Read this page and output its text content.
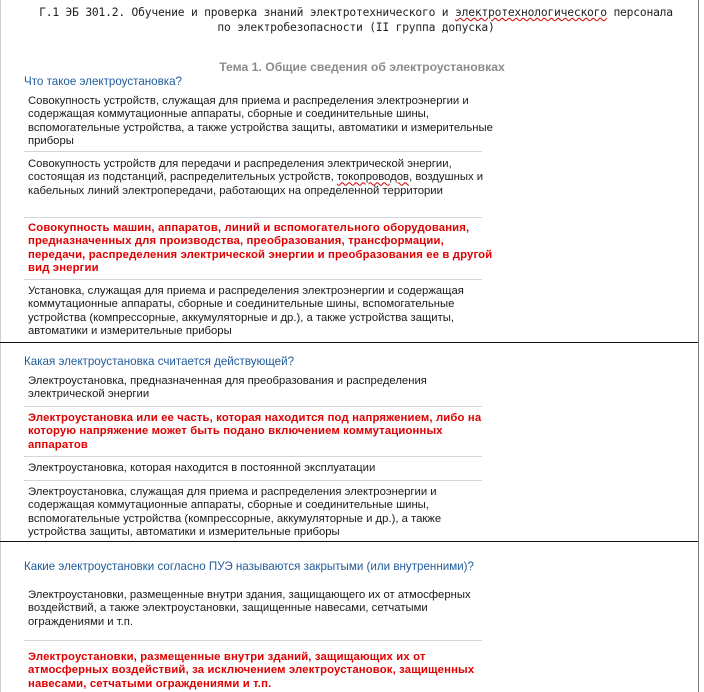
Г.1 ЭБ 301.2. Обучение и проверка знаний электротехнического и электротехнологического персонала
по электробезопасности (II группа допуска)
Тема 1. Общие сведения об электроустановках
Что такое электроустановка?
Совокупность устройств, служащая для приема и распределения электроэнергии и содержащая коммутационные аппараты, сборные и соединительные шины, вспомогательные устройства, а также устройства защиты, автоматики и измерительные приборы
Совокупность устройств для передачи и распределения электрической энергии, состоящая из подстанций, распределительных устройств, токопроводов, воздушных и кабельных линий электропередачи, работающих на определенной территории
Совокупность машин, аппаратов, линий и вспомогательного оборудования, предназначенных для производства, преобразования, трансформации, передачи, распределения электрической энергии и преобразования ее в другой вид энергии
Установка, служащая для приема и распределения электроэнергии и содержащая коммутационные аппараты, сборные и соединительные шины, вспомогательные устройства (компрессорные, аккумуляторные и др.), а также устройства защиты, автоматики и измерительные приборы
Какая электроустановка считается действующей?
Электроустановка, предназначенная для преобразования и распределения электрической энергии
Электроустановка или ее часть, которая находится под напряжением, либо на которую напряжение может быть подано включением коммутационных аппаратов
Электроустановка, которая находится в постоянной эксплуатации
Электроустановка, служащая для приема и распределения электроэнергии и содержащая коммутационные аппараты, сборные и соединительные шины, вспомогательные устройства (компрессорные, аккумуляторные и др.), а также устройства защиты, автоматики и измерительные приборы
Какие электроустановки согласно ПУЭ называются закрытыми (или внутренними)?
Электроустановки, размещенные внутри здания, защищающего их от атмосферных воздействий, а также электроустановки, защищенные навесами, сетчатыми ограждениями и т.п.
Электроустановки, размещенные внутри зданий, защищающих их от атмосферных воздействий, за исключением электроустановок, защищенных навесами, сетчатыми ограждениями и т.п.
